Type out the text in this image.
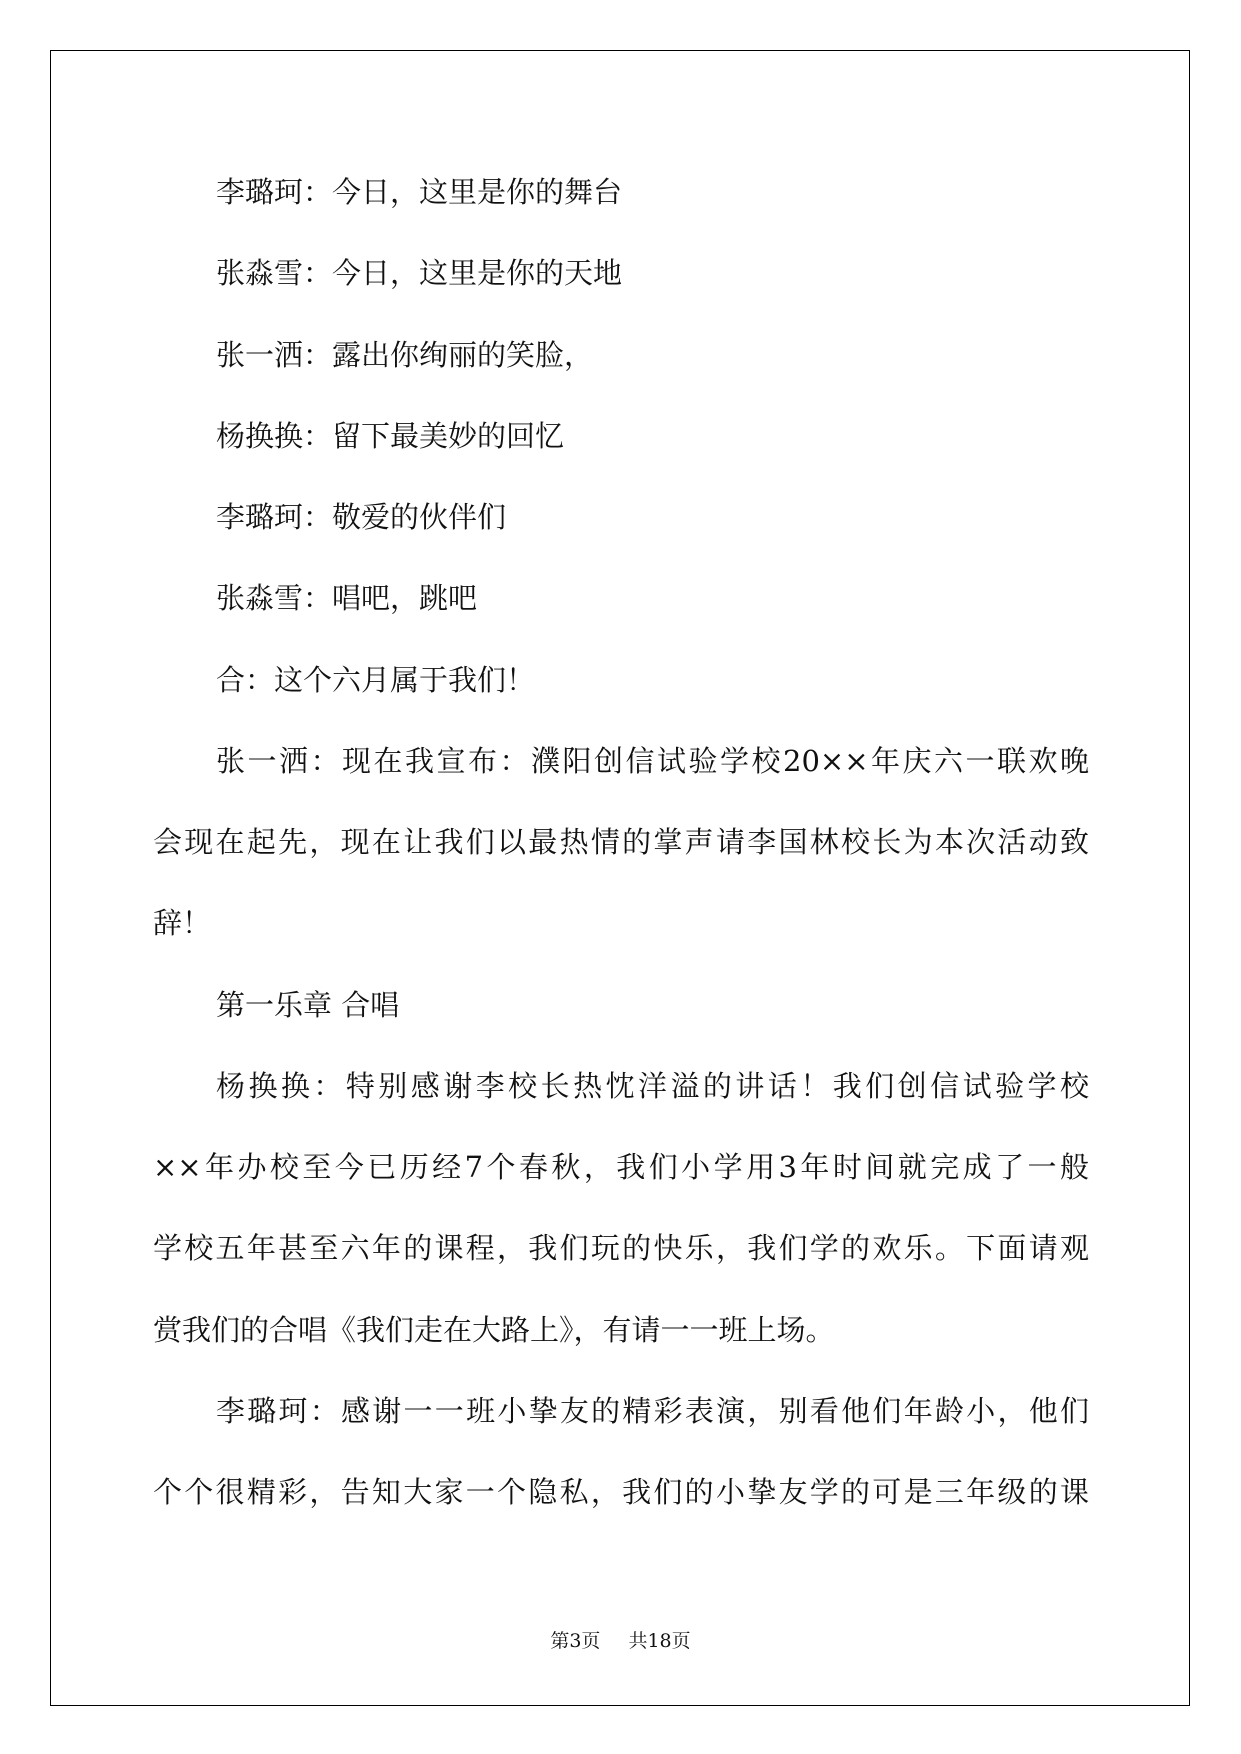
李璐珂：今日，这里是你的舞台
张淼雪：今日，这里是你的天地
张一洒：露出你绚丽的笑脸，
杨换换：留下最美妙的回忆
李璐珂：敬爱的伙伴们
张淼雪：唱吧，跳吧
合：这个六月属于我们！
张一洒：现在我宣布：濮阳创信试验学校20××年庆六一联欢晚
会现在起先，现在让我们以最热情的掌声请李国林校长为本次活动致
辞！
第一乐章 合唱
杨换换：特别感谢李校长热忱洋溢的讲话！我们创信试验学校
××年办校至今已历经7个春秋，我们小学用3年时间就完成了一般
学校五年甚至六年的课程，我们玩的快乐，我们学的欢乐。下面请观
赏我们的合唱《我们走在大路上》，有请一一班上场。
李璐珂：感谢一一班小挚友的精彩表演，别看他们年龄小，他们
个个很精彩，告知大家一个隐私，我们的小挚友学的可是三年级的课
第3页 共18页
